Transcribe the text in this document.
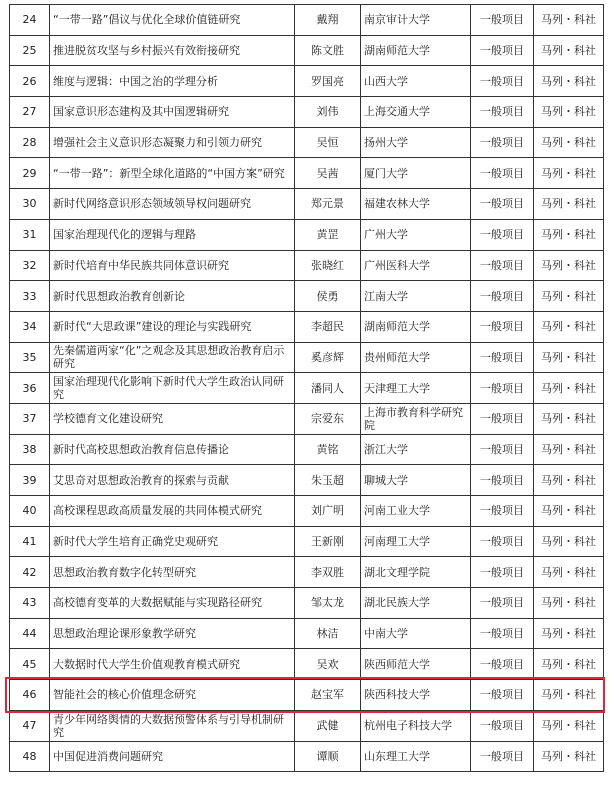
24	“一带一路”倡议与优化全球价值链研究	戴翔	南京审计大学	一般项目	马列・科社
25	推进脱贫攻坚与乡村振兴有效衔接研究	陈文胜	湖南师范大学	一般项目	马列・科社
26	维度与逻辑：中国之治的学理分析	罗国亮	山西大学	一般项目	马列・科社
27	国家意识形态建构及其中国逻辑研究	刘伟	上海交通大学	一般项目	马列・科社
28	增强社会主义意识形态凝聚力和引领力研究	吴恒	扬州大学	一般项目	马列・科社
29	“一带一路”：新型全球化道路的“中国方案”研究	吴茜	厦门大学	一般项目	马列・科社
30	新时代网络意识形态领域领导权问题研究	郑元景	福建农林大学	一般项目	马列・科社
31	国家治理现代化的逻辑与理路	黄罡	广州大学	一般项目	马列・科社
32	新时代培育中华民族共同体意识研究	张晓红	广州医科大学	一般项目	马列・科社
33	新时代思想政治教育创新论	侯勇	江南大学	一般项目	马列・科社
34	新时代“大思政课”建设的理论与实践研究	李超民	湖南师范大学	一般项目	马列・科社
35	先秦儒道两家“化”之观念及其思想政治教育启示研究	奚彦辉	贵州师范大学	一般项目	马列・科社
36	国家治理现代化影响下新时代大学生政治认同研究	潘同人	天津理工大学	一般项目	马列・科社
37	学校德育文化建设研究	宗爱东	上海市教育科学研究院	一般项目	马列・科社
38	新时代高校思想政治教育信息传播论	黄铭	浙江大学	一般项目	马列・科社
39	艾思奇对思想政治教育的探索与贡献	朱玉超	聊城大学	一般项目	马列・科社
40	高校课程思政高质量发展的共同体模式研究	刘广明	河南工业大学	一般项目	马列・科社
41	新时代大学生培育正确党史观研究	王新刚	河南理工大学	一般项目	马列・科社
42	思想政治教育数字化转型研究	李双胜	湖北文理学院	一般项目	马列・科社
43	高校德育变革的大数据赋能与实现路径研究	邹太龙	湖北民族大学	一般项目	马列・科社
44	思想政治理论课形象教学研究	林洁	中南大学	一般项目	马列・科社
45	大数据时代大学生价值观教育模式研究	吴欢	陕西师范大学	一般项目	马列・科社
46	智能社会的核心价值理念研究	赵宝军	陕西科技大学	一般项目	马列・科社
47	青少年网络舆情的大数据预警体系与引导机制研究	武健	杭州电子科技大学	一般项目	马列・科社
48	中国促进消费问题研究	谭顺	山东理工大学	一般项目	马列・科社
